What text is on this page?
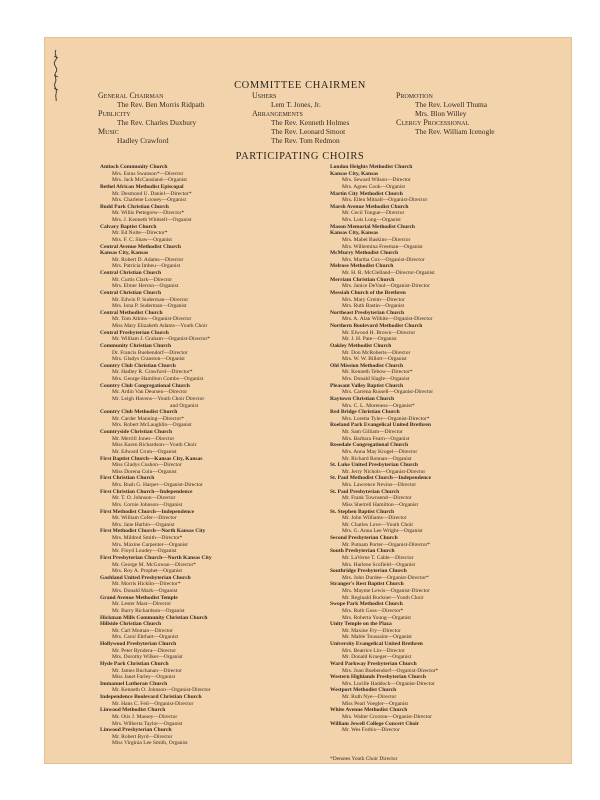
COMMITTEE CHAIRMEN
General Chairman
The Rev. Ben Morris Ridpath
Publicity
The Rev. Charles Duxbury
Music
Hadley Crawford
Ushers
Lem T. Jones, Jr.
Arrangements
The Rev. Kenneth Holmes
The Rev. Leonard Smoot
The Rev. Tom Redmon
Promotion
The Rev. Lowell Thuma
Mrs. Blon Willey
Clergy Processional
The Rev. William Icenogle
PARTICIPATING CHOIRS
Antioch Community Church
Mrs. Estus Swanson*—Director
Mrs. Jack McCausland—Organist
Bethel African Methodist Episcopal
Mr. Desmond U. Daniel—Director*
Mrs. Charlene Looney—Organist
Budd Park Christian Church
Mr. Willis Pettegrew—Director*
Mrs. J. Kenneth Whitsell—Organist
Calvary Baptist Church
Mr. Ed Nolte—Director*
Mrs. F. C. Shaw—Organist
Central Avenue Methodist Church
Kansas City, Kansas
Mr. Robert D. Adams—Director
Mrs. Patricia Imbeu—Organist
Central Christian Church
Mr. Curtis Clark—Director
Mrs. Elmer Herron—Organist
Central Christian Church
Mr. Edwin P. Suderman—Director
Mrs. Iona P. Suderman—Organist
Central Methodist Church
Mr. Tom Atkins—Organist-Director
Miss Mary Elizabeth Adams—Youth Choir
Central Presbyterian Church
Mr. William J. Graham—Organist-Director*
Community Christian Church
Dr. Francis Buebendorf—Director
Mrs. Gladys Cranston—Organist
Country Club Christian Church
Mr. Hadley R. Crawford—Director*
Mrs. George Hamilton Combs—Organist
Country Club Congregational Church
Mr. Ardin Van Deursen—Director
Mr. Leigh Havens—Youth Choir Director
and Organist
Country Club Methodist Church
Mr. Carder Manning—Director*
Mrs. Robert McLaughlin—Organist
Countryside Christian Church
Mr. Merrill Jones—Director
Miss Karen Richardson—Youth Choir
Mr. Edward Crum—Organist
First Baptist Church—Kansas City, Kansas
Miss Gladys Cushon—Director
Miss Dorena Coin—Organist
First Christian Church
Mrs. Rush G. Harper—Organist-Director
First Christian Church—Independence
Mr. T. O. Johnson—Director
Mrs. Cornie Johnson—Organist
First Methodist Church—Independence
Mr. William Cofer—Director
Mrs. Jane Harbin—Organist
First Methodist Church—North Kansas City
Mrs. Mildred Smith—Director*
Mrs. Maxine Carpenter—Organist
Mr. Floyd Loudey—Organist
First Presbyterian Church—North Kansas City
Mr. George M. McGowan—Director*
Mrs. Roy A. Prophet—Organist
Gashland United Presbyterian Church
Mr. Morris Hicklin—Director*
Mrs. Donald Mark—Organist
Grand Avenue Methodist Temple
Mr. Lester Mast—Director
Mr. Barry Richardson—Organist
Hickman Mills Community Christian Church
Hillside Christian Church
Mr. Carl Moman—Director
Mrs. Carol Ehrhart—Organist
Hollywood Presbyterian Church
Mr. Peter Ryndera—Director
Mrs. Dorothy Wilker—Organist
Hyde Park Christian Church
Mr. James Buchanan—Director
Miss Janet Farley—Organist
Immanuel Lutheran Church
Mr. Kenneth O. Johnson—Organist-Director
Independence Boulevard Christian Church
Mr. Hans C. Feil—Organist-Director
Linwood Methodist Church
Mr. Otis J. Massey—Director
Mrs. Wilberta Taylor—Organist
Linwood Presbyterian Church
Mr. Robert Byrd—Director
Miss Virginia Lee Smith, Organist
London Heights Methodist Church
Kansas City, Kansas
Mrs. Seward Wilson—Director
Mrs. Agnes Cook—Organist
Martin City Methodist Church
Mrs. Ellen Mitnall—Organist-Director
Marsh Avenue Methodist Church
Mr. Cecil Tongue—Director
Mrs. Lois Long—Organist
Mason Memorial Methodist Church
Kansas City, Kansas
Mrs. Mabel Baskins—Director
Mrs. Wilhemina Freeman—Organist
McMurry Methodist Church
Mrs. Martha Cox—Organist-Director
Melrose Methodist Church
Mr. H. R. McClelland—Director-Organist
Merriam Christian Church
Mrs. Janice DeVaul—Organist-Director
Messiah Church of the Brethren
Mrs. Mary Greim—Director
Mrs. Ruth Bastin—Organist
Northeast Presbyterian Church
Mrs. A. Alan Wilhite—Organist-Director
Northern Boulevard Methodist Church
Mr. Elwood H. Brown—Director
Mr. J. H. Pate—Organist
Oakley Methodist Church
Mr. Don McRoberts—Director
Mrs. W. W. Billott—Organist
Old Mission Methodist Church
Mr. Kenneth Tebow—Director*
Mrs. Donald Slagle—Organist
Pleasant Valley Baptist Church
Mrs. Carrena Russell—Organist-Director
Raytown Christian Church
Mrs. C. L. Moreness—Organist*
Red Bridge Christian Church
Mrs. Loretta Tyler—Organist-Director*
Roeland Park Evangelical United Brethren
Mr. Sam Gilliam—Director
Mrs. Barbara Fearn—Organist
Rosedale Congregational Church
Mrs. Anna May Krogel—Director
Mr. Richard Ronnan—Organist
St. Luke United Presbyterian Church
Mr. Jerry Nichols—Organist-Director
St. Paul Methodist Church—Independence
Mrs. Lawrence Nevins—Director
St. Paul Presbyterian Church
Mr. Frank Townsend—Director
Miss Sherrell Hamilton—Organist
St. Stephen Baptist Church
Mr. John Williams—Director
Mr. Charles Love—Youth Choir
Mrs. G. Anna Lee Wright—Organist
Second Presbyterian Church
Mr. Putnam Porter—Organist-Director*
South Presbyterian Church
Mr. LaVerne T. Cable—Director
Mrs. Harlene Scofield—Organist
Southridge Presbyterian Church
Mrs. John Durdee—Organist-Director*
Stranger's Rest Baptist Church
Mrs. Mayme Lewis—Organist-Director
Mr. Reginald Buckner—Youth Choir
Swope Park Methodist Church
Mrs. Ruth Goss—Director*
Mrs. Roberta Young—Organist
Unity Temple on the Plaza
Mr. Maxine Fry—Director
Mr. Mable Toussaint—Organist
University Evangelical United Brethren
Mrs. Beatrice Lin—Director
Mr. Donald Krueger—Organist
Ward Parkway Presbyterian Church
Mrs. Joan Buebendorf—Organist-Director*
Western Highlands Presbyterian Church
Mrs. Lucille Haddock—Organist-Director
Westport Methodist Church
Mr. Ruth Nye—Director
Miss Pearl Voegler—Organist
White Avenue Methodist Church
Mrs. Walter Croxton—Organist-Director
William Jewell College Concert Choir
Mr. Wes Forbis—Director
*Denotes Youth Choir Director
